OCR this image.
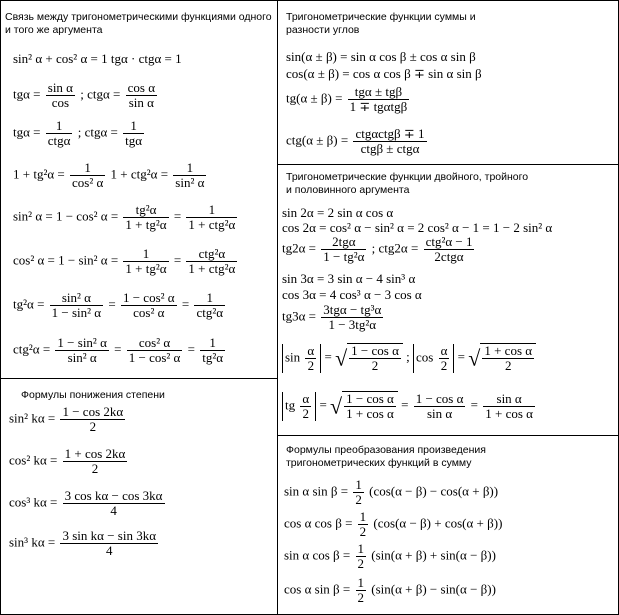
Связь между тригонометрическими функциями одного и того же аргумента
sin² α + cos² α = 1 tgα · ctgα = 1
$tg\alpha = \frac{\text{sin α}}{\cos}$ ; $ctg\alpha = \frac{\text{cos α}}{\text{sin α}}$
$tg\alpha = \frac{1}{\text{ctgα}}$ ; $ctg\alpha = \frac{1}{\text{tgα}}$
$1 + tg^2\alpha = \frac{1}{\text{cos² α}} 1 + ctg^2\alpha = \frac{1}{\text{sin² α}}$
sin² α = 1 − cos² $\alpha = \frac{\text{tg²α}}{\text{1 + tg²α}} = \frac{1}{\text{1 + ctg²α}}$
cos² α = 1 − sin² $\alpha = \frac{1}{\text{1 + tg²α}} = \frac{\text{ctg²α}}{\text{1 + ctg²α}}$
$tg^2\alpha = \frac{\text{sin² α}}{\text{1 − sin² α}} = \frac{\text{1 − cos² α}}{\text{cos² α}} = \frac{1}{\text{ctg²α}}$
$ctg^2\alpha = \frac{\text{1 − sin² α}}{\text{sin² α}} = \frac{\text{cos² α}}{\text{1 − cos² α}} = \frac{1}{\text{tg²α}}$
Формулы понижения степени
sin² $k\alpha = \frac{1 - \cos 2k\alpha}{2}$
cos² $k\alpha = \frac{1 + \cos 2k\alpha}{2}$
cos³ $k\alpha = \frac{\text{3 cos kα − cos 3kα}}{4}$
sin³ $k\alpha = \frac{\text{3 sin kα − sin 3kα}}{4}$
Тригонометрические функции суммы и разности углов
sin(α ± β) = sin α cos β ± cos α sin β
cos(α ± β) = cos α cos β ∓ sin α sin β
$tg(\alpha \pm \beta) = \frac{\text{tgα ± tgβ}}{\text{1 ∓ tgαtgβ}}$
$ctg(\alpha \pm \beta) = \frac{\text{ctgαctgβ ∓ 1}}{\text{ctgβ ± ctgα}}$
Тригонометрические функции двойного, тройного и половинного аргумента
sin 2α = 2 sin α cos α
cos 2α = cos² α − sin² α = 2 cos² α − 1 = 1 − 2 sin² α
$tg2\alpha = \frac{\text{2tgα}}{\text{1 − tg²α}}$ ; $ctg2\alpha = \frac{\text{ctg²α − 1}}{\text{2ctgα}}$
sin 3α = 3 sin α − 4 sin³ α
cos 3α = 4 cos³ α − 3 cos α
$tg3\alpha = \frac{\text{3tgα − tg³α}}{\text{1 − 3tg²α}}$
$\sin \frac{\alpha}{2}$ = √ $\frac{\text{1 − cos α}}{2}$ ; $\cos \frac{\alpha}{2}$ = √ $\frac{\text{1 + cos α}}{2}$
tg $\frac{\alpha}{2}$ = √ $\frac{\text{1 − cos α}}{\text{1 + cos α}} = \frac{\text{1 − cos α}}{\text{sin α}} = \frac{\text{sin α}}{\text{1 + cos α}}$
Формулы преобразования произведения тригонометрических функций в сумму
sin α $\sin \beta = \frac{1}{2} (\cos(\alpha - \beta) - \cos(\alpha + \beta))$
cos α $\cos \beta = \frac{1}{2} (\cos(\alpha - \beta) + \cos(\alpha + \beta))$
sin α $\cos \beta = \frac{1}{2} (\sin(\alpha + \beta) + \sin(\alpha - \beta))$
cos α $\sin \beta = \frac{1}{2} (\sin(\alpha + \beta) - \sin(\alpha - \beta))$
